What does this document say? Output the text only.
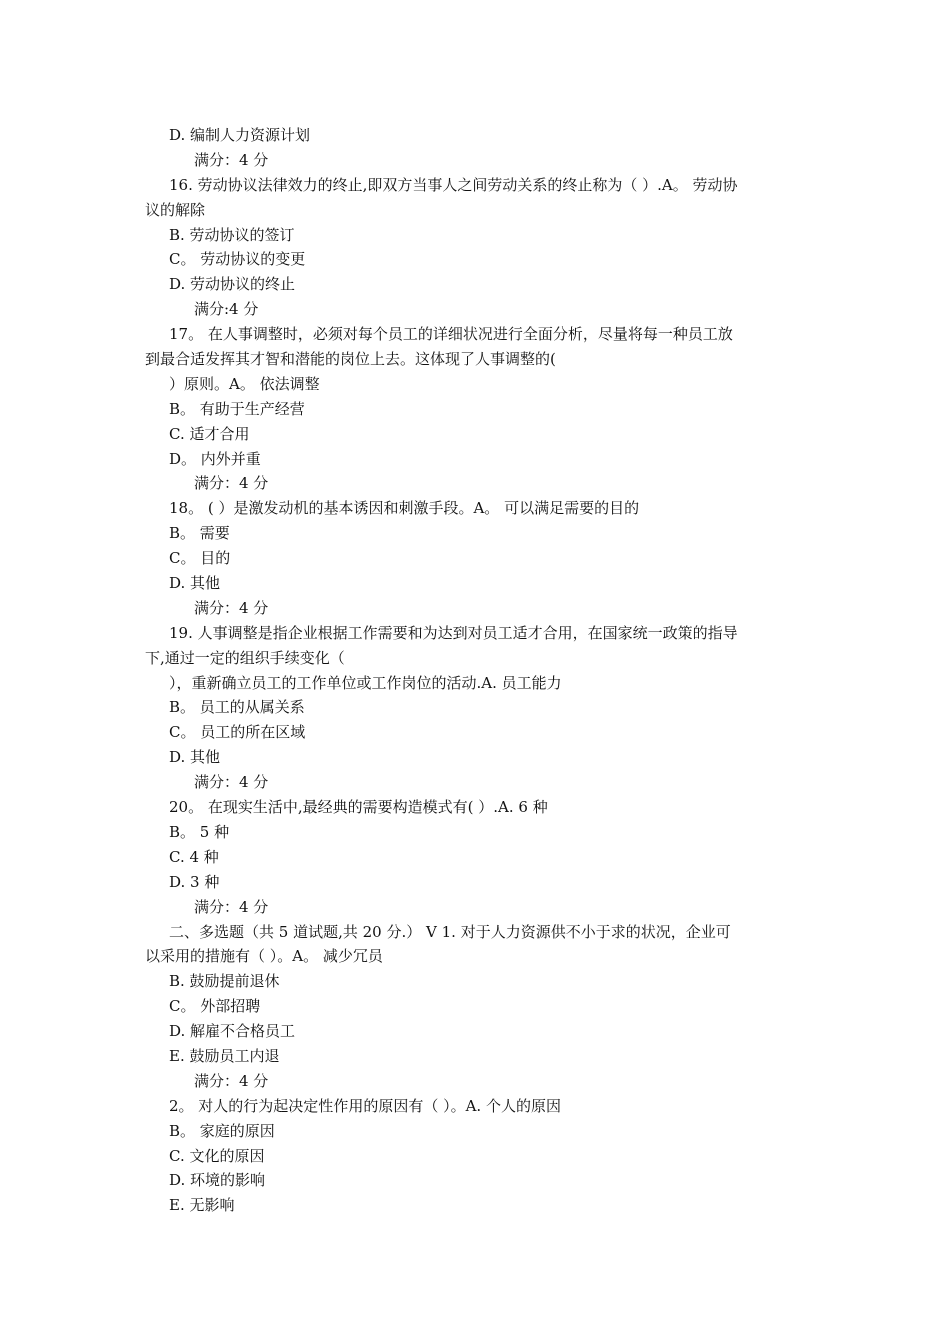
D. 编制人力资源计划
满分：4 分
16. 劳动协议法律效力的终止,即双方当事人之间劳动关系的终止称为（ ）.A。 劳动协
议的解除
B. 劳动协议的签订
C。 劳动协议的变更
D. 劳动协议的终止
满分:4 分
17。 在人事调整时，必须对每个员工的详细状况进行全面分析，尽量将每一种员工放
到最合适发挥其才智和潜能的岗位上去。这体现了人事调整的(
）原则。A。 依法调整
B。 有助于生产经营
C. 适才合用
D。 内外并重
满分：4 分
18。 ( ）是激发动机的基本诱因和刺激手段。A。 可以满足需要的目的
B。 需要
C。 目的
D. 其他
满分：4 分
19. 人事调整是指企业根据工作需要和为达到对员工适才合用，在国家统一政策的指导
下,通过一定的组织手续变化（
），重新确立员工的工作单位或工作岗位的活动.A. 员工能力
B。 员工的从属关系
C。 员工的所在区域
D. 其他
满分：4 分
20。 在现实生活中,最经典的需要构造模式有( ）.A. 6 种
B。 5 种
C. 4 种
D. 3 种
满分：4 分
二、多选题（共 5 道试题,共 20 分.） V 1. 对于人力资源供不小于求的状况，企业可
以采用的措施有（ ）。A。 减少冗员
B. 鼓励提前退休
C。 外部招聘
D. 解雇不合格员工
E. 鼓励员工内退
满分：4 分
2。 对人的行为起决定性作用的原因有（ ）。A. 个人的原因
B。 家庭的原因
C. 文化的原因
D. 环境的影响
E. 无影响
